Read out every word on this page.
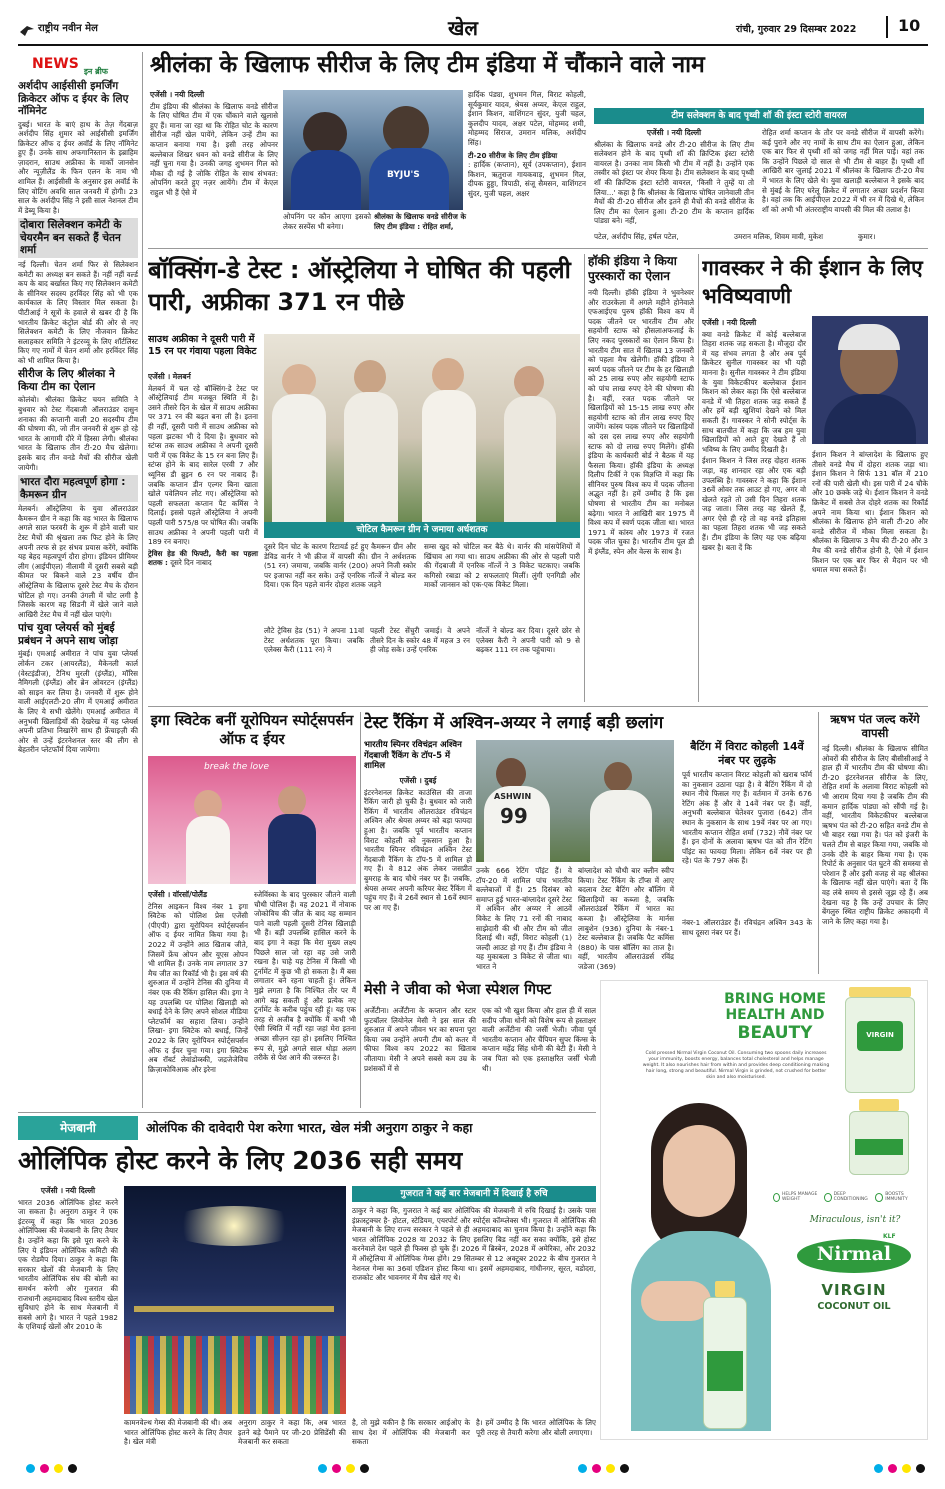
राष्ट्रीय नवीन मेल	खेल	रांची, गुरुवार 29 दिसम्बर 2022	10
NEWS इन ब्रीफ
अर्शदीप आईसीसी इमर्जिंग क्रिकेटर ऑफ द ईयर के लिए नॉमिनेट
दुबई। भारत के बाएं हाथ के तेज़ गेंदबाज़ अर्शदीप सिंह शुमार को आईसीसी इमर्जिंग क्रिकेटर ऑफ द ईयर अवॉर्ड के लिए नॉमिनेट हुए हैं। उनके साथ अफगानिस्तान के इब्राहिम ज़ादरान, साउथ अफ्रीका के मार्को जानसेन और न्यूज़ीलैंड के फिन एलन के नाम भी शामिल हैं। आईसीसी के अनुसार इस अवॉर्ड के लिए वोटिंग अवधि साल जनवरी में होगी। 23 साल के अर्शदीप सिंह ने इसी साल नेशनल टीम में डेब्यू किया है।
दोबारा सिलेक्शन कमेटी के चेयरमैन बन सकते हैं चेतन शर्मा
नई दिल्ली। चेतन शर्मा फिर से सिलेक्शन कमेटी का अध्यक्ष बन सकते हैं। नहीं नहीं वर्ल्ड कप के बाद बर्खास्त किए गए सिलेक्शन कमेटी के सीनियर सदस्य हरविंदर सिंह को भी एक कार्यकाल के लिए विस्तार मिल सकता है। पीटीआई ने सूत्रों के हवाले से खबर दी है कि भारतीय क्रिकेट कंट्रोल बोर्ड की ओर से नए सिलेक्शन कमेटी के लिए नौजवान क्रिकेट सलाहकार समिति ने इंटरव्यू के लिए शॉर्टलिस्ट किए गए नामों में चेतन शर्मा और हरविंदर सिंह को भी शामिल किया है।
सीरीज के लिए श्रीलंका ने किया टीम का ऐलान
कोलंबो। श्रीलंका क्रिकेट चयन समिति ने बुधवार को टेस्ट गेंदबाजी ऑलराउंडर दासुन शनाका की कप्तानी वाली 20 सदस्यीय टीम की घोषणा की, जो तीन जनवरी से शुरू हो रहे भारत के आगामी दौरे में हिस्सा लेगी। श्रीलंका भारत के खिलाफ तीन टी-20 मैच खेलेगा। इसके बाद तीन वनडे मैचों की सीरीज खेली जायेगी।
भारत दौरा महत्वपूर्ण होगा : कैमरून ग्रीन
मेलबर्न। ऑस्ट्रेलिया के युवा ऑलराउंडर कैमरून ग्रीन ने कहा कि वह भारत के खिलाफ अगले साल फरवरी के शुरू में होने वाली चार टेस्ट मैचों की श्रृंखला तक फिट होने के लिए अपनी तरफ से हर संभव प्रयास करेंगे, क्योंकि यह बेहद महत्वपूर्ण दौरा होगा। इंडियन प्रीमियर लीग (आईपीएल) नीलामी में दूसरी सबसे बड़ी कीमत पर बिकने वाले 23 वर्षीय ग्रीन ऑस्ट्रेलिया के खिलाफ दूसरे टेस्ट मैच के दौरान चोटिल हो गए। उनकी उंगली में चोट लगी है जिसके कारण वह सिडनी में खेले जाने वाले आखिरी टेस्ट मैच में नहीं खेल पाएंगे।
पांच युवा प्लेयर्स को मुंबई प्रबंधन ने अपने साथ जोड़ा
मुंबई। एमआई अमीरात ने पांच युवा प्लेयर्स लोर्कन टकर (आयरलैंड), मैकेनली कार्ल (वेस्टइंडीज), टैनिथ मुरली (इंग्लैंड), मॉरिस नैमिगली (इंग्लैंड) और ब्रेन ओवरटन (इंग्लैंड) को साइन कर लिया है। जनवरी में शुरू होने वाली आईएलटी-20 लीग में एमआई अमीरात के लिए ये सभी खेलेंगे। एमआई अमीरात में अनुभवी खिलाड़ियों की देखरेख में यह प्लेयर्स अपनी प्रतिभा निखारेंगे साथ ही फ्रेंचाइज़ी की ओर से उन्हें इंटरनेशनल स्तर की लीग से बेहतरीन प्लेटफॉर्म दिया जायेगा।
श्रीलंका के खिलाफ सीरीज के लिए टीम इंडिया में चौंकाने वाले नाम
एजेंसी । नयी दिल्ली
टीम इंडिया की श्रीलंका के खिलाफ वनडे सीरीज के लिए घोषित टीम में एक चौंकाने वाले खुलासे हुए हैं। माना जा रहा था कि रोहित चोट के कारण सीरीज नहीं खेल पायेंगे, लेकिन उन्हें टीम का कप्तान बनाया गया है। इसी तरह ओपनर बल्लेबाज शिखर धवन को वनडे सीरीज के लिए नहीं चुना गया है। उनकी जगह शुभमन गिल को मौका दी गई है जोकि रोहित के साथ संभवत: ओपनिंग करते हुए नज़र आयेंगे। टीम में केएल राहुल भी हैं ऐसे में
BYJU'S
ओपनिंग पर कौन आएगा इसको लेकर सस्पेंस भी बनेगा।
श्रीलंका के खिलाफ वनडे सीरीज के लिए टीम इंडिया : रोहित शर्मा,
हार्दिक पंड्या, शुभमन गिल, विराट कोहली, सूर्यकुमार यादव, श्रेयस अय्यर, केएल राहुल, ईशान किशन, वाशिंगटन सुंदर, युजी चहल, कुलदीप यादव, अक्षर पटेल, मोहम्मद शमी, मोहम्मद सिराज, उमरान मलिक, अर्शदीप सिंह।
टी-20 सीरीज के लिए टीम इंडिया
: हार्दिक (कप्तान), सूर्य (उपकप्तान), ईशान किशन, ऋतुराज गायकवाड़, शुभमन गिल, दीपक हुड्डा, त्रिपाठी, संजू सैमसन, वाशिंगटन सुंदर, युजी चहल, अक्षर
टीम सलेक्शन के बाद पृथ्वी शॉ की इंस्टा स्टोरी वायरल
एजेंसी । नयी दिल्ली
श्रीलंका के खिलाफ वनडे और टी-20 सीरीज के लिए टीम सलेक्शन होने के बाद पृथ्वी शॉ की क्रिप्टिक इंस्टा स्टोरी वायरल है। उनका नाम किसी भी टीम में नहीं है। उन्होंने एक तस्वीर को इंस्टा पर शेयर किया है। टीम सलेक्शन के बाद पृथ्वी शॉ की क्रिप्टिक इंस्टा स्टोरी वायरल, 'किसी ने तुम्हें या तो लिया...' कहा है कि श्रीलंका के खिलाफ घोषित जानेवाली तीन मैचों की टी-20 सीरीज और इतने ही मैचों की वनडे सीरीज के लिए टीम का ऐलान हुआ। टी-20 टीम के कप्तान हार्दिक पांड्या बने। नहीं,
रोहित शर्मा कप्तान के तौर पर वनडे सीरीज में वापसी करेंगे। कई पुराने और नए नामों के साथ टीम का ऐलान हुआ, लेकिन एक बार फिर से पृथ्वी शॉ को जगह नहीं मिल पाई। वहां तक कि उन्होंने पिछले दो साल से भी टीम से बाहर हैं। पृथ्वी शॉ आखिरी बार जुलाई 2021 में श्रीलंका के खिलाफ टी-20 मैच में भारत के लिए खेले थे। युवा खलाड़ी बल्लेबाज ने इसके बाद से मुंबई के लिए घरेलू क्रिकेट में लगातार अच्छा प्रदर्शन किया है। वहां तक कि आईपीएल 2022 में भी रन में दिखे थे, लेकिन शॉ को अभी भी अंतरराष्ट्रीय वापसी की मिल की तलाश है।
पटेल, अर्शदीप सिंह, हर्षल पटेल,	उमरान मलिक, शिवम मावी, मुकेश	कुमार।
बॉक्सिंग-डे टेस्ट : ऑस्ट्रेलिया ने घोषित की पहली पारी, अफ्रीका 371 रन पीछे
साउथ अफ्रीका ने दूसरी पारी में 15 रन पर गंवाया पहला विकेट
एजेंसी । मेलबर्न
मेलबर्न में चल रहे बॉक्सिंग-डे टेस्ट पर ऑस्ट्रेलियाई टीम मजबूत स्थिति में है। उसने तीसरे दिन के खेल में साउथ अफ्रीका पर 371 रन की बढ़त बना ली है। इतना ही नहीं, दूसरी पारी में साउथ अफ्रीका को पहला झटका भी दे दिया है। बुधवार को स्टंप्स तक साउथ अफ्रीका ने अपनी दूसरी पारी में एक विकेट के 15 रन बना लिए हैं। स्टंप्स होने के बाद सारेल एरवी 7 और थ्यूनिस डी ब्रुइन 6 रन पर नाबाद हैं। जबकि कप्तान डीन एल्गर बिना खाता खोले पवेलियन लौट गए। ऑस्ट्रेलिया को पहली सफलता कप्तान पैट कमिंस ने दिलाई। इससे पहले ऑस्ट्रेलिया ने अपनी पहली पारी 575/8 पर घोषित की। जबकि साउथ अफ्रीका ने अपनी पहली पारी में 189 रन बनाए।
ट्रेविस हेड की फिफ्टी, कैरी का पहला शतक : दूसरे दिन नाबाद
चोटिल कैमरून ग्रीन ने जमाया अर्धशतक
दूसरे दिन चोट के कारण रिटायर्ड हर्ट हुए कैमरून ग्रीन और डेविड वार्नर ने भी क्रीज में वापसी की। ग्रीन ने अर्धशतक (51 रन) जमाया, जबकि वार्नर (200) अपने निजी स्कोर पर इजाफा नहीं कर सके। उन्हें एनरिक नॉर्त्जे ने बोल्ड कर दिया। एक दिन पहले वार्नर दोहरा शतक जड़ने
सम्स खुद को चोटिल कर बैठे थे। वार्नर की मांसपेशियों में खिंचाव आ गया था। साउथ अफ्रीका की ओर से पहली पारी की गेंदबाजी में एनरिक नॉर्त्जे ने 3 विकेट चटकाए। जबकि कगिसो रबाडा को 2 सफलताएं मिलीं। लुंगी एनगिडी और मार्को जानसन को एक-एक विकेट मिला।
लौटे ट्रेविस हेड (51) ने अपना 11वां टेस्ट अर्धशतक पूरा किया। जबकि एलेक्स कैरी (111 रन) ने
पहली टेस्ट सेंचुरी जमाई। वे अपने तीसरे दिन के स्कोर 48 में महज 3 रन ही जोड़ सके। उन्हें एनरिक
नॉर्त्जे ने बोल्ड कर दिया। दूसरे छोर से एलेक्स कैरी ने अपनी पारी को 9 से बढ़कर 111 रन तक पहुंचाया।
हॉकी इंडिया ने किया पुरस्कारों का ऐलान
नयी दिल्ली। हॉकी इंडिया ने भुवनेश्वर और राउरकेला में अगले महीने होनेवाले एफआईएच पुरुष हॉकी विश्व कप में पदक जीतने पर भारतीय टीम और सहयोगी स्टाफ को हौसलाअफजाई के लिए नकद पुरस्कारों का ऐलान किया है। भारतीय टीम सात में खिताब 13 जनवरी को पहला मैच खेलेगी। हॉकी इंडिया ने स्वर्ण पदक जीतने पर टीम के हर खिलाड़ी को 25 लाख रुपए और सहयोगी स्टाफ को पांच लाख रुपए देने की घोषणा की है। वहीं, रजत पदक जीतने पर खिलाड़ियों को 15-15 लाख रुपए और सहयोगी स्टाफ को तीन लाख रुपए दिए जायेंगे। कांस्य पदक जीतने पर खिलाड़ियों को दस दस लाख रुपए और सहयोगी स्टाफ को दो लाख रुपए मिलेंगे। हॉकी इंडिया के कार्यकारी बोर्ड ने बैठक में यह फैसला किया। हॉकी इंडिया के अध्यक्ष दिलीप टिर्की ने एक विज्ञप्ति में कहा कि सीनियर पुरुष विश्व कप में पदक जीतना अद्भुत नहीं है। हमें उम्मीद है कि इस घोषणा से भारतीय टीम का मनोबल बढ़ेगा। भारत ने आखिरी बार 1975 में विश्व कप में स्वर्ण पदक जीता था। भारत 1971 में कांस्य और 1973 में रजत पदक जीत चुका है। भारतीय टीम पूल डी में इंग्लैंड, स्पेन और वेल्स के साथ है।
गावस्कर ने की ईशान के लिए भविष्यवाणी
एजेंसी । नयी दिल्ली
क्या वनडे क्रिकेट में कोई बल्लेबाज तिहरा शतक जड़ सकता है। मौजूदा दौर में यह संभव लगता है और अब पूर्व क्रिकेटर सुनील गावस्कर का भी यही मानना है। सुनील गावस्कर ने टीम इंडिया के युवा विकेटकीपर बल्लेबाज ईशान किशन को लेकर कहा कि ऐसे बल्लेबाज वनडे में भी तिहरा शतक जड़ सकते हैं और हमें बड़ी खुशियां देखने को मिल सकती हैं। गावस्कर ने सोनी स्पोर्ट्स के साथ बातचीत में कहा कि जब हम युवा खिलाड़ियों को आते हुए देखते हैं तो भविष्य के लिए उम्मीद दिखती है।
ईशान किशन ने जिस तरह दोहरा शतक जड़ा, वह शानदार रहा और एक बड़ी उपलब्धि है। गावस्कर ने कहा कि ईशान 36वें ओवर तक आउट हो गए, अगर वो खेलते रहते तो उसी दिन तिहरा शतक जड़ जाता। जिस तरह वह खेलते हैं, अगर ऐसे ही रहे तो वह वनडे इतिहास का पहला तिहरा शतक भी जड़ सकते हैं। टीम इंडिया के लिए यह एक बढ़िया खबर है। बता दें कि
ईशान किशन ने बांग्लादेश के खिलाफ हुए तीसरे वनडे मैच में दोहरा शतक जड़ा था। ईशान किशन ने सिर्फ 131 बॉल में 210 रनों की पारी खेली थी। इस पारी में 24 चौके और 10 छक्के जड़े थे। ईशान किशन ने वनडे क्रिकेट में सबसे तेज दोहरे शतक का रिकॉर्ड अपने नाम किया था। ईशान किशन को श्रीलंका के खिलाफ होने वाली टी-20 और वनडे सीरीज में मौका मिला सकता है। श्रीलंका के खिलाफ 3 मैच की टी-20 और 3 मैच की वनडे सीरीज होनी है, ऐसे में ईशान किशन पर एक बार फिर से मैदान पर भी धमाल मचा सकते हैं।
इगा स्विटेक बनीं यूरोपियन स्पोर्ट्सपर्सन ऑफ द ईयर
break the love
एजेंसी । वॉरसॉ/पोलैंड
टेनिस आइकन विश्व नंबर 1 इगा स्विटेक को पोलिश प्रेस एजेंसी (पीएपी) द्वारा यूरोपियन स्पोर्ट्सपर्सन ऑफ द ईयर नामित किया गया है। 2022 में उन्होंने आठ खिताब जीते, जिसमें फ्रेंच ओपन और यूएस ओपन भी शामिल हैं। उनके नाम लगातार 37 मैच जीत का रिकॉर्ड भी है। इस वर्ष की शुरुआत में उन्होंने टेनिस की दुनिया में नंबर एक की रैंकिंग हासिल की। इगा ने यह उपलब्धि पर पोलिश खिलाड़ी को बधाई देने के लिए अपने सोशल मीडिया प्लेटफॉर्म का सहारा लिया। उन्होंने लिखा- इगा स्विटेक को बधाई, जिन्हें 2022 के लिए यूरोपियन स्पोर्ट्सपर्सन ऑफ द ईयर चुना गया। इगा स्विटेक अब रॉबर्ट लेवांडोव्स्की, जद्रजेजेविच क्रिज़ाकोविआक और इरेना
स्जेविंस्का के बाद पुरस्कार जीतने वाली चौथी पोलिश हैं। वह 2021 में नोवाक जोकोविच की जीत के बाद यह सम्मान पाने वाली पहली दूसरी टेनिस खिलाड़ी भी हैं। बड़ी उपलब्धि हासिल करने के बाद इगा ने कहा कि मेरा मुख्य लक्ष्य पिछले साल जो रहा वह उसे जारी रखना है। चाहे यह टेनिस में किसी भी टूर्नामेंट में कुछ भी हो सकता है। मैं बस लगातार बने रहना चाहती हूं। लेकिन मुझे लगता है कि निश्चित तौर पर मैं आगे बढ़ सकती हूं और प्रत्येक नए टूर्नामेंट के करीब पहुंच रही हूं। यह एक तरह से अजीब है क्योंकि मैं कभी भी ऐसी स्थिति में नहीं रहा जहां मेरा इतना अच्छा सीज़न रहा हो। इसलिए निश्चित रूप से, मुझे अगले साल थोड़ा अलग तरीके से पेश आने की जरूरत है।
टेस्ट रैंकिंग में अश्विन-अय्यर ने लगाई बड़ी छलांग
भारतीय स्पिनर रविचंद्रन अश्विन गेंदबाजी रैंकिंग के टॉप-5 में शामिल
ASHWIN
99
एजेंसी । दुबई
इंटरनेशनल क्रिकेट काउंसिल की ताजा रैंकिंग जारी हो चुकी है। बुधवार को जारी रैंकिंग में भारतीय ऑलराउंडर रविचंद्रन अश्विन और श्रेयस अय्यर को बड़ा फायदा हुआ है। जबकि पूर्व भारतीय कप्तान विराट कोहली को नुकसान हुआ है। भारतीय स्पिनर रविचंद्रन अश्विन टेस्ट गेंदबाजी रैंकिंग के टॉप-5 में शामिल हो गए हैं। वे 812 अंक लेकर जसप्रीत बुमराह के बाद चौथे नंबर पर हैं। जबकि, श्रेयस अय्यर अपनी करियर बेस्ट रैंकिंग में पहुंच गए हैं। वे 26वें स्थान से 16वें स्थान पर आ गए हैं।
उनके 666 रेटिंग पॉइंट हैं। वे टॉप-20 में शामिल पांच भारतीय बल्लेबाजों में हैं। 25 दिसंबर को समाप्त हुई भारत-बांग्लादेश दूसरे टेस्ट में अश्विन और अय्यर ने आठवें विकेट के लिए 71 रनों की नाबाद साझेदारी की थी और टीम को जीत दिलाई थी। वहीं, विराट कोहली (1) जल्दी आउट हो गए हैं। टीम इंडिया ने यह मुकाबला 3 विकेट से जीता था। भारत ने
बांग्लादेश को चौथी बार क्लीन स्वीप किया। टेस्ट रैंकिंग के टॉप्स में आए बदलाव टेस्ट बैटिंग और बॉलिंग में खिलाड़ियों का कब्जा है, जबकि ऑलराउंडर्स रैंकिंग में भारत का कब्जा है। ऑस्ट्रेलिया के मार्नस लाबुशेन (936) दुनिया के नंबर-1 टेस्ट बल्लेबाज हैं। जबकि पैट कमिंस (880) के पास बॉलिंग का ताज है। वहीं, भारतीय ऑलराउंडर्स रविंद्र जडेजा (369)
बैटिंग में विराट कोहली 14वें नंबर पर लुढ़के
पूर्व भारतीय कप्तान विराट कोहली को खराब फॉर्म का नुकसान उठाना पड़ा है। वे बैटिंग रैंकिंग में दो स्थान नीचे फिसल गए हैं। वर्तमान में उनके 676 रेटिंग अंक हैं और वे 14वें नंबर पर हैं। वहीं, अनुभवी बल्लेबाज चेतेश्वर पुजारा (642) तीन स्थान के नुकसान के साथ 19वें नंबर पर आ गए। भारतीय कप्तान रोहित शर्मा (732) नौवें नंबर पर हैं। इन दोनों के अलावा ऋषभ पंत को तीन रेटिंग पॉइंट का फायदा मिला। लेकिन 6वें नंबर पर ही रहे। पंत के 797 अंक हैं।
नंबर-1 ऑलराउंडर हैं। रविचंद्रन अश्विन 343 के साथ दूसरा नंबर पर हैं।
ऋषभ पंत जल्द करेंगे वापसी
नई दिल्ली। श्रीलंका के खिलाफ सीमित ओवरों की सीरीज के लिए बीसीसीआई ने हाल ही में भारतीय टीम की घोषणा की। टी-20 इंटरनेशनल सीरीज के लिए, रोहित शर्मा के अलावा विराट कोहली को भी आराम दिया गया है जबकि टीम की कमान हार्दिक पांड्या को सौंपी गई है। वहीं, भारतीय विकेटकीपर बल्लेबाज ऋषभ पंत को टी-20 सहित वनडे टीम से भी बाहर रखा गया है। पंत को इंजरी के चलते टीम से बाहर किया गया, जबकि वो उनके दौरे के बाहर किया गया है। एक रिपोर्ट के अनुसार पंत घुटने की समस्या से परेशान हैं और इसी वजह से वह श्रीलंका के खिलाफ नहीं खेल पाएंगे। बता दें कि वह लंबे समय से इससे जूझ रहे हैं। अब देखना यह है कि उन्हें उपचार के लिए बेंगलुरु स्थित राष्ट्रीय क्रिकेट अकादमी में जाने के लिए कहा गया है।
मेसी ने जीवा को भेजा स्पेशल गिफ्ट
अर्जेंटीना। अर्जेंटीना के कप्तान और स्टार फुटबॉलर लियोनेल मेसी ने इस साल की शुरुआत में अपने जीवन भर का सपना पूरा किया जब उन्होंने अपनी टीम को कतर में फीफा विश्व कप 2022 का खिताब जीताया। मेसी ने अपने सबसे कम उम्र के प्रशंसकों में से
एक को भी खुश किया और हाल ही में साल सदीप जीवा धोनी को विशेष रूप से हस्ताक्षर वाली अर्जेंटीना की जर्सी भेजी। जीवा पूर्व भारतीय कप्तान और चैंपियन सुपर किंग्स के कप्तान महेंद्र सिंह धोनी की बेटी हैं। मेसी ने जब पिता को एक हस्ताक्षरित जर्सी भेजी थी।
BRING HOME
HEALTH AND
BEAUTY
Cold pressed Nirmal Virgin Coconut Oil. Consuming two spoons daily increases your immunity, boosts energy, balances total cholesterol and helps manage weight. It also nourishes hair from within and provides deep conditioning making hair long, strong and beautiful. Nirmal Virgin is grinded, not crushed for better skin and also moisturised.
VIRGIN
HELPS MANAGE WEIGHT
DEEP CONDITIONING
BOOSTS IMMUNITY
Miraculous, isn't it?
KLF
Nirmal
VIRGIN
COCONUT OIL
मेजबानी	ओलंपिक की दावेदारी पेश करेगा भारत, खेल मंत्री अनुराग ठाकुर ने कहा
ओलिंपिक होस्ट करने के लिए 2036 सही समय
एजेंसी । नयी दिल्ली
भारत 2036 ओलिंपिक होस्ट करने जा सकता है। अनुराग ठाकुर ने एक इंटरव्यू में कहा कि भारत 2036 ओलिंपिक्स की मेजबानी के लिए तैयार है। उन्होंने कहा कि इसे पूरा करने के लिए ये इंडियन ओलिंपिक कमिटी की एक रोडमैप दिया। ठाकुर ने कहा कि सरकार खेलों की मेजबानी के लिए भारतीय ओलिंपिक संघ की बोली का समर्थन करेगी और गुजरात की राजधानी अहमदाबाद विश्व स्तरीय खेल सुविधाएं होने के साथ मेजबानी में सबसे आगे है। भारत ने पहले 1982 के एशियाई खेलों और 2010 के
कामनवेल्थ गेम्स की मेजबानी की थी। अब भारत ओलिंपिक होस्ट करने के लिए तैयार है। खेल मंत्री
अनुराग ठाकुर ने कहा कि, अब भारत इतने बड़े पैमाने पर जी-20 प्रेसिडेंसी की मेजबानी कर सकता
गुजरात ने कई बार मेजबानी में दिखाई है रुचि
ठाकुर ने कहा कि, गुजरात ने कई बार ओलिंपिक की मेजबानी में रुचि दिखाई है। उसके पास इंफ्रास्ट्रक्चर है- होटल, स्टेडियम, एयरपोर्ट और स्पोर्ट्स कॉम्प्लेक्स भी। गुजरात में ओलिंपिक की मेजबानी के लिए राज्य सरकार ने पहले से ही अहमदाबाद का चुनाव किया है। उन्होंने कहा कि भारत ओलिंपिक 2028 या 2032 के लिए इसलिए बिड नहीं कर सका क्योंकि, इसे होस्ट करनेवाले देश पहले ही फिक्स हो चुके हैं। 2026 में ब्रिस्बेन, 2028 में अमेरिका, और 2032 में ऑस्ट्रेलिया में ओलिंपिक गेम्स होंगे। 29 सितम्बर से 12 अक्टूबर 2022 के बीच गुजरात ने नेशनल गेम्स का 36वां एडिशन होस्ट किया था। इसमें अहमदाबाद, गांधीनगर, सूरत, वडोदरा, राजकोट और भावनगर में मैच खेले गए थे।
है, तो मुझे यकीन है कि सरकार आईओए के साथ देश में ओलिंपिक की मेजबानी कर सकता
है। हमें उम्मीद है कि भारत ओलिंपिक के लिए पूरी तरह से तैयारी करेगा और बोली लगाएगा।
